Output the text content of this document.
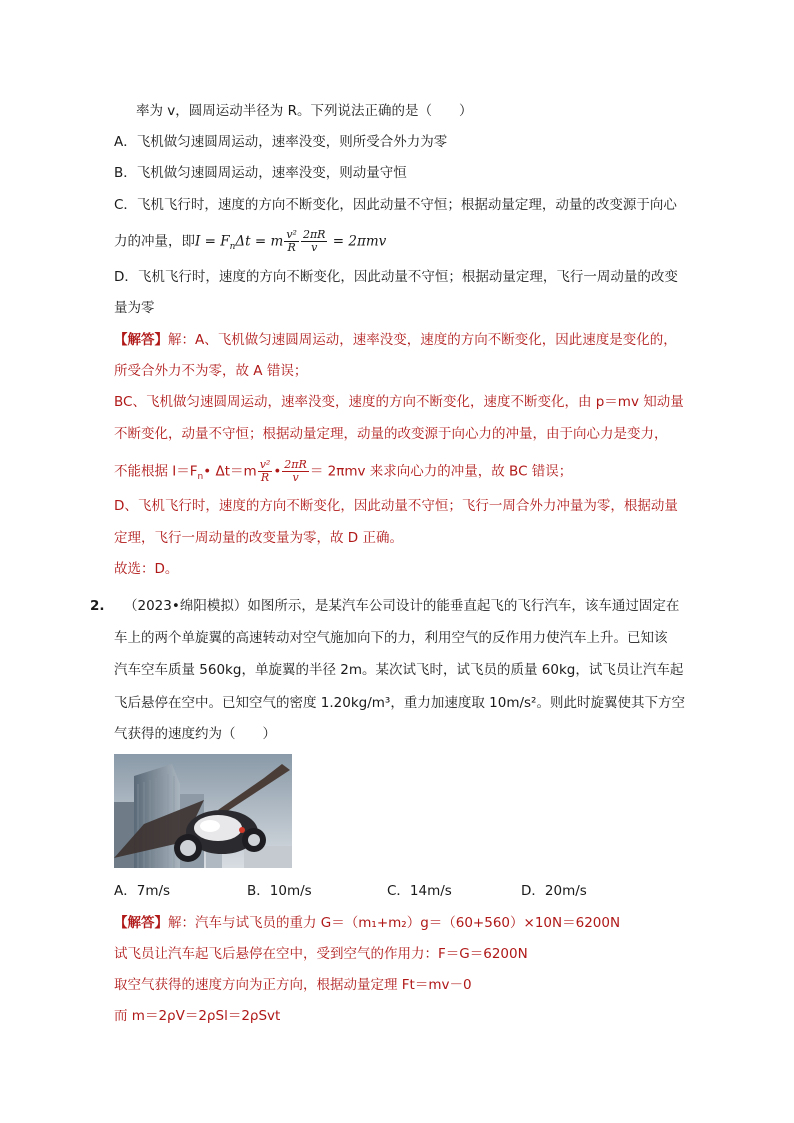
率为 v，圆周运动半径为 R。下列说法正确的是（　　）
A．飞机做匀速圆周运动，速率没变，则所受合外力为零
B．飞机做匀速圆周运动，速率没变，则动量守恒
C．飞机飞行时，速度的方向不断变化，因此动量不守恒；根据动量定理，动量的改变源于向心
力的冲量，即$I = F_n\Delta t = m \frac{\text{v²}}{R} \frac{2\pi R}{v} = 2\pi mv$
D．飞机飞行时，速度的方向不断变化，因此动量不守恒；根据动量定理，飞行一周动量的改变
量为零
【解答】解：A、飞机做匀速圆周运动，速率没变，速度的方向不断变化，因此速度是变化的，
所受合外力不为零，故 A 错误；
BC、飞机做匀速圆周运动，速率没变，速度的方向不断变化，速度不断变化，由 p＝mv 知动量
不断变化，动量不守恒；根据动量定理，动量的改变源于向心力的冲量，由于向心力是变力，
不能根据 $I=F_n•$ $\Delta t=m \frac{\text{v²}}{R}$ • $\frac{2\pi R}{v} = 2\pi mv$ 来求向心力的冲量，故 BC 错误；
D、飞机飞行时，速度的方向不断变化，因此动量不守恒；飞行一周合外力冲量为零，根据动量
定理，飞行一周动量的改变量为零，故 D 正确。
故选：D。
2. （2023•绵阳模拟）如图所示，是某汽车公司设计的能垂直起飞的飞行汽车，该车通过固定在
车上的两个单旋翼的高速转动对空气施加向下的力，利用空气的反作用力使汽车上升。已知该
汽车空车质量 560kg，单旋翼的半径 2m。某次试飞时，试飞员的质量 60kg，试飞员让汽车起
飞后悬停在空中。已知空气的密度 1.20kg/m³，重力加速度取 10m/s²。则此时旋翼使其下方空
气获得的速度约为（　　）
A．7m/s	B．10m/s	C．14m/s	D．20m/s
【解答】解：汽车与试飞员的重力 G＝（m₁+m₂）g＝（60+560）×10N＝6200N
试飞员让汽车起飞后悬停在空中，受到空气的作用力：F＝G＝6200N
取空气获得的速度方向为正方向，根据动量定理 Ft＝mv－0
而 m＝2ρV＝2ρSl＝2ρSvt
